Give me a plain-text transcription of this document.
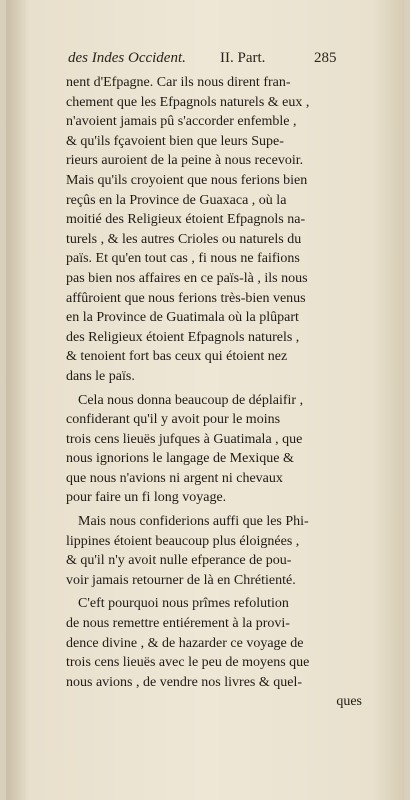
des Indes Occident. II. Part.	285
nent d'Efpagne. Car ils nous dirent fran-
chement que les Efpagnols naturels & eux ,
n'avoient jamais pû s'accorder enfemble ,
& qu'ils fçavoient bien que leurs Supe-
rieurs auroient de la peine à nous recevoir.
Mais qu'ils croyoient que nous ferions bien
reçûs en la Province de Guaxaca , où la
moitié des Religieux étoient Efpagnols na-
turels , & les autres Crioles ou naturels du
païs. Et qu'en tout cas , fi nous ne faifions
pas bien nos affaires en ce païs-là , ils nous
affûroient que nous ferions très-bien venus
en la Province de Guatimala où la plûpart
des Religieux étoient Efpagnols naturels ,
& tenoient fort bas ceux qui étoient nez
dans le païs.
Cela nous donna beaucoup de déplaifir ,
confiderant qu'il y avoit pour le moins
trois cens lieuës jufques à Guatimala , que
nous ignorions le langage de Mexique &
que nous n'avions ni argent ni chevaux
pour faire un fi long voyage.
Mais nous confiderions auffi que les Phi-
lippines étoient beaucoup plus éloignées ,
& qu'il n'y avoit nulle efperance de pou-
voir jamais retourner de là en Chrétienté.
C'eft pourquoi nous prîmes refolution
de nous remettre entiérement à la provi-
dence divine , & de hazarder ce voyage de
trois cens lieuës avec le peu de moyens que
nous avions , de vendre nos livres & quel-
ques
